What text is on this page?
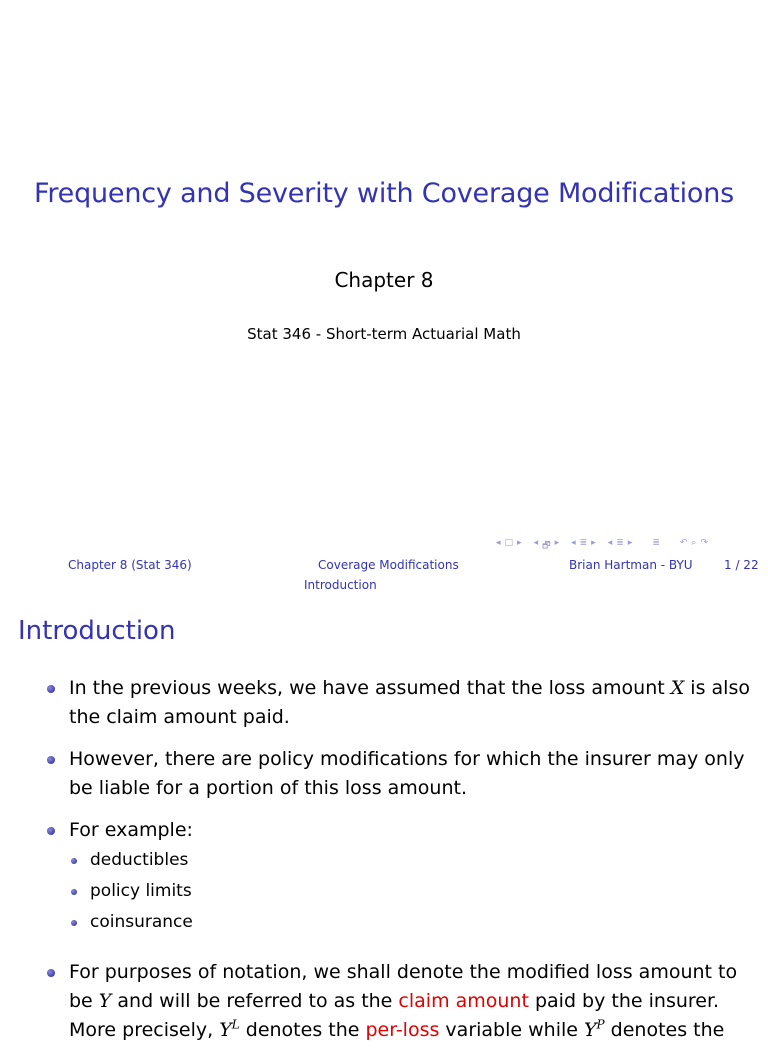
Frequency and Severity with Coverage Modifications
Chapter 8
Stat 346 - Short-term Actuarial Math
◂ □ ▸ ◂ 🗗 ▸ ◂ ≣ ▸ ◂ ≣ ▸ ≣ ↶ ⌕ ↷
Chapter 8 (Stat 346)	Coverage Modifications	Brian Hartman - BYU	1 / 22
Introduction
Introduction
In the previous weeks, we have assumed that the loss amount X is also the claim amount paid.
However, there are policy modifications for which the insurer may only be liable for a portion of this loss amount.
For example:
deductibles
policy limits
coinsurance
For purposes of notation, we shall denote the modified loss amount to be Y and will be referred to as the claim amount paid by the insurer. More precisely, $Y^L$ denotes the per-loss variable while $Y^P$ denotes the
